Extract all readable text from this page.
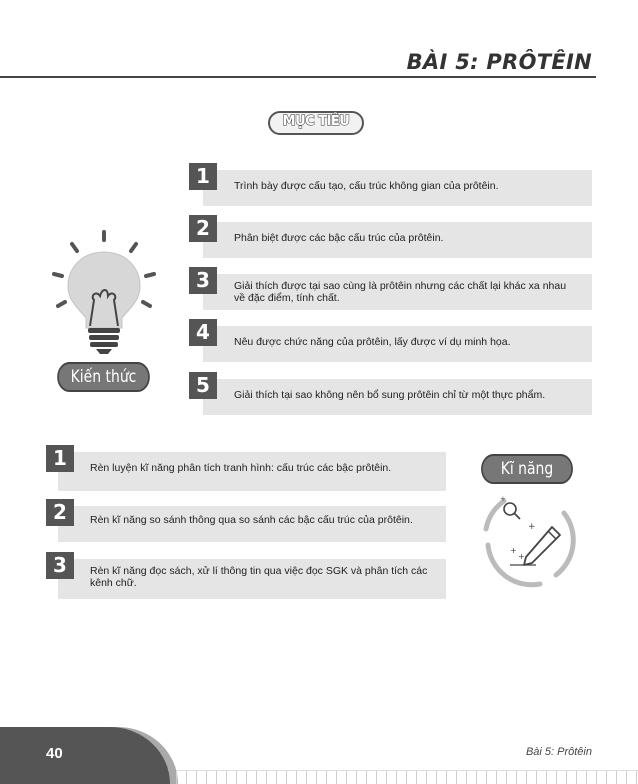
BÀI 5: PRÔTÊIN
MỤC TIÊU
1	Trình bày được cấu tạo, cấu trúc không gian của prôtêin.
2	Phân biệt được các bậc cấu trúc của prôtêin.
3	Giải thích được tại sao cùng là prôtêin nhưng các chất lại khác xa nhau về đặc điểm, tính chất.
4	Nêu được chức năng của prôtêin, lấy được ví dụ minh họa.
5	Giải thích tại sao không nên bổ sung prôtêin chỉ từ một thực phẩm.
Kiến thức
1	Rèn luyện kĩ năng phân tích tranh hình: cấu trúc các bậc prôtêin.
2	Rèn kĩ năng so sánh thông qua so sánh các bậc cấu trúc của prôtêin.
3	Rèn kĩ năng đọc sách, xử lí thông tin qua việc đọc SGK và phân tích các kênh chữ.
Kĩ năng
+
+
+
+
40	Bài 5: Prôtêin
